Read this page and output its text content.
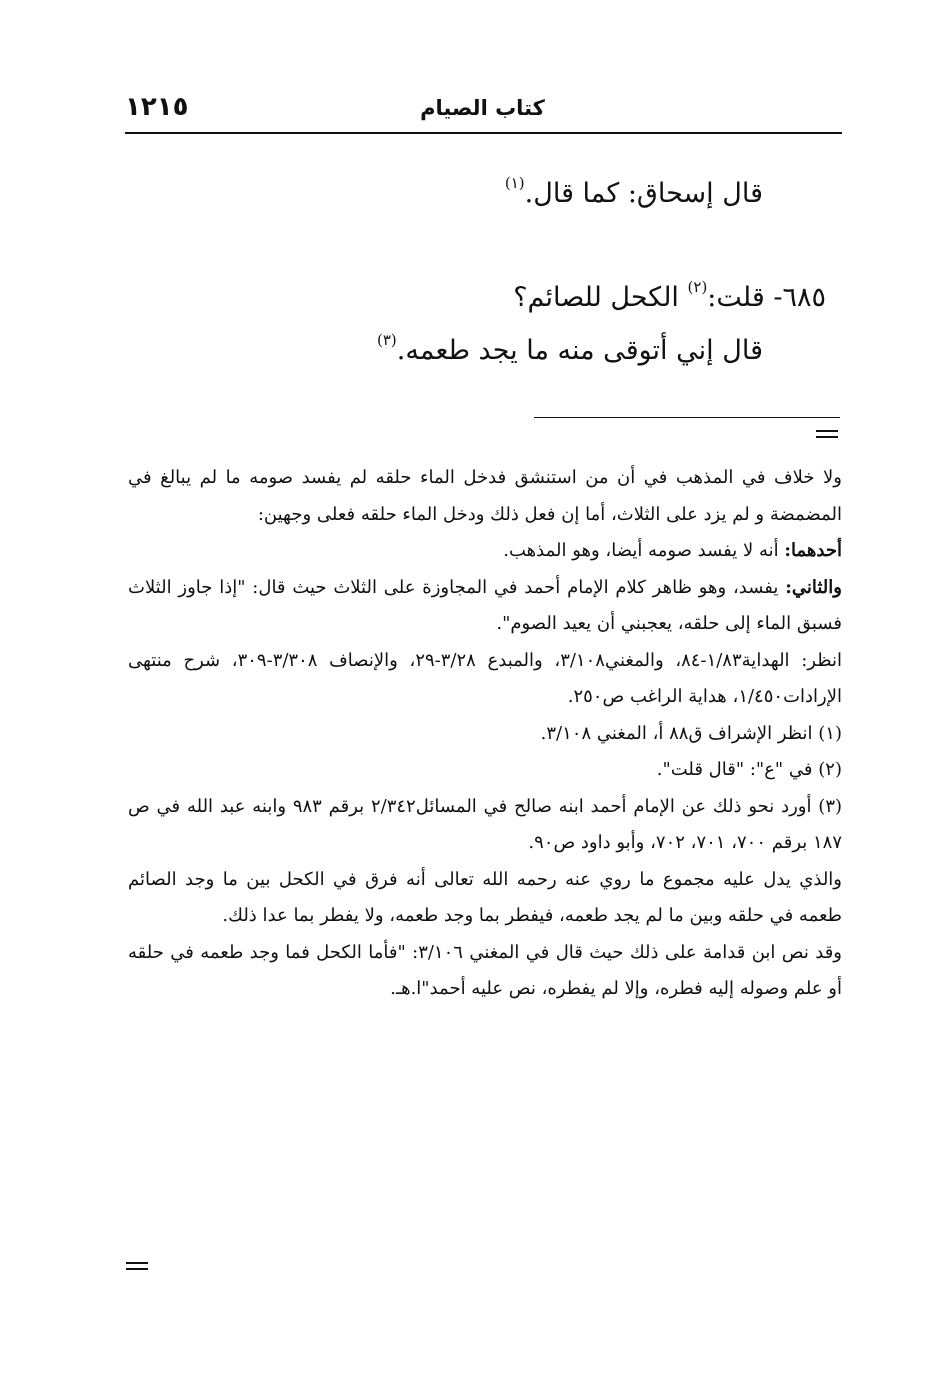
كتاب الصيام
١٢١٥
قال إسحاق: كما قال.$^{(١)}$
٦٨٥- قلت:$^{(٢)}$ الكحل للصائم؟
قال إني أتوقى منه ما يجد طعمه.$^{(٣)}$

ولا خلاف في المذهب في أن من استنشق فدخل الماء حلقه لم يفسد صومه ما لم يبالغ في المضمضة و لم يزد على الثلاث، أما إن فعل ذلك ودخل الماء حلقه فعلى وجهين:

أحدهما: أنه لا يفسد صومه أيضا، وهو المذهب.

والثاني: يفسد، وهو ظاهر كلام الإمام أحمد في المجاوزة على الثلاث حيث قال: "إذا جاوز الثلاث فسبق الماء إلى حلقه، يعجبني أن يعيد الصوم".

انظر: الهداية١/٨٣-٨٤، والمغني٣/١٠٨، والمبدع ٣/٢٨-٢٩، والإنصاف ٣/٣٠٨-٣٠٩، شرح منتهى الإرادات١/٤٥٠، هداية الراغب ص٢٥٠.

(١) انظر الإشراف ق٨٨ أ، المغني ٣/١٠٨.

(٢) في "ع": "قال قلت".

(٣) أورد نحو ذلك عن الإمام أحمد ابنه صالح في المسائل٢/٣٤٢ برقم ٩٨٣ وابنه عبد الله في ص ١٨٧ برقم ٧٠٠، ٧٠١، ٧٠٢، وأبو داود ص٩٠.

والذي يدل عليه مجموع ما روي عنه رحمه الله تعالى أنه فرق في الكحل بين ما وجد الصائم طعمه في حلقه وبين ما لم يجد طعمه، فيفطر بما وجد طعمه، ولا يفطر بما عدا ذلك.

وقد نص ابن قدامة على ذلك حيث قال في المغني ٣/١٠٦: "فأما الكحل فما وجد طعمه في حلقه أو علم وصوله إليه فطره، وإلا لم يفطره، نص عليه أحمد"ا.هـ.
